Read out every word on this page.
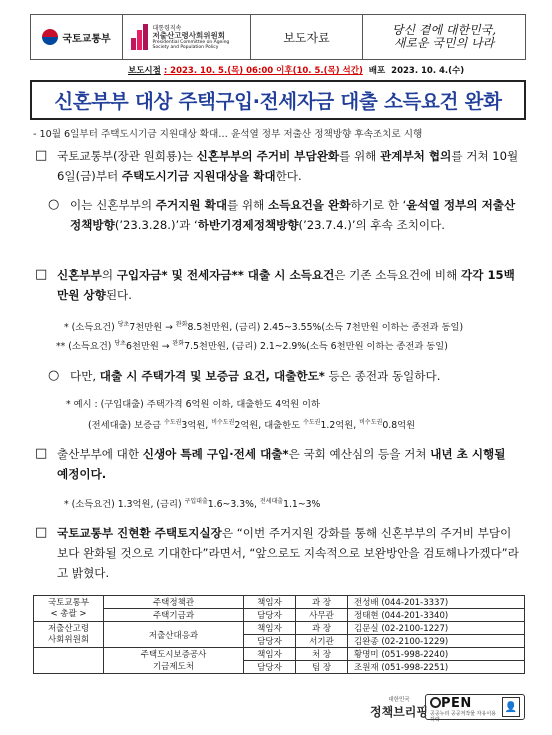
국토교통부
대통령직속
저출산고령사회위원회
Presidential Committee on Ageing Society and Population Policy
보도자료
당신 곁에 대한민국,
새로운 국민의 나라
보도시점 : 2023. 10. 5.(목) 06:00 이후(10. 5.(목) 석간) 배포 2023. 10. 4.(수)
신혼부부 대상 주택구입·전세자금 대출 소득요건 완화
- 10월 6일부터 주택도시기금 지원대상 확대… 윤석열 정부 저출산 정책방향 후속조치로 시행
□ 국토교통부(장관 원희룡)는 신혼부부의 주거비 부담완화를 위해 관계부처 협의를 거쳐 10월 6일(금)부터 주택도시기금 지원대상을 확대한다.
○ 이는 신혼부부의 주거지원 확대를 위해 소득요건을 완화하기로 한 ‘윤석열 정부의 저출산 정책방향(’23.3.28.)’과 ‘하반기경제정책방향(’23.7.4.)’의 후속 조치이다.
□ 신혼부부의 구입자금* 및 전세자금** 대출 시 소득요건은 기존 소득요건에 비해 각각 15백만원 상향된다.
* (소득요건) $^{당초}$7천만원 → $^{완화}$8.5천만원, (금리) 2.45~3.55%(소득 7천만원 이하는 종전과 동일)
** (소득요건) $^{당초}$6천만원 → $^{완화}$7.5천만원, (금리) 2.1~2.9%(소득 6천만원 이하는 종전과 동일)
○ 다만, 대출 시 주택가격 및 보증금 요건, 대출한도* 등은 종전과 동일하다.
* 예시 : (구입대출) 주택가격 6억원 이하, 대출한도 4억원 이하
(전세대출) 보증금 $^{수도권}$3억원, $^{비수도권}$2억원, 대출한도 $^{수도권}$1.2억원, $^{비수도권}$0.8억원
□ 출산부부에 대한 신생아 특례 구입·전세 대출*은 국회 예산심의 등을 거쳐 내년 초 시행될 예정이다.
* (소득요건) 1.3억원, (금리) $^{구입대출}$1.6~3.3%, $^{전세대출}$1.1~3%
□ 국토교통부 진현환 주택토지실장은 “이번 주거지원 강화를 통해 신혼부부의 주거비 부담이 보다 완화될 것으로 기대한다”라면서, “앞으로도 지속적으로 보완방안을 검토해나가겠다”라고 밝혔다.
국토교통부
< 총괄 >	주택정책관	책임자	과 장	전성배 (044-201-3337)
	주택기금과	담당자	사무관	정태현 (044-201-3340)

저출산고령
사회위원회	저출산대응과	책임자	과 장	김문실 (02-2100-1227)
		담당자	서기관	김완종 (02-2100-1229)

	주택도시보증공사
기금제도처	책임자	처 장	황명미 (051-998-2240)
		담당자	팀 장	조원재 (051-998-2251)
대한민국
정책브리핑
PEN
공공누리 공공저작물 자유이용허락
👤
